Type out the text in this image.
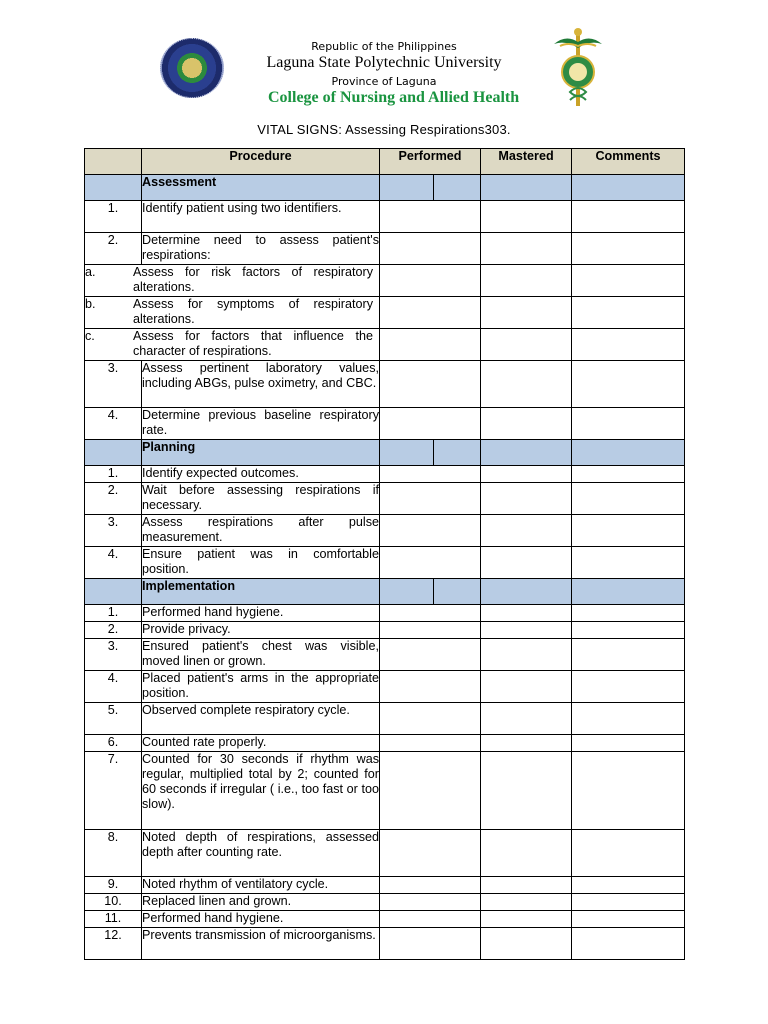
Republic of the Philippines
Laguna State Polytechnic University
Province of Laguna
College of Nursing and Allied Health
VITAL SIGNS: Assessing Respirations303.
	Procedure	Performed		Mastered	Comments
	Assessment				
1.	Identify patient using two identifiers.				
2.	Determine need to assess patient's respirations:				

a. Assess for risk factors of respiratory alterations.					

b. Assess for symptoms of respiratory alterations.					

c. Assess for factors that influence the character of respirations.					

3.	Assess pertinent laboratory values, including ABGs, pulse oximetry, and CBC.				
4.	Determine previous baseline respiratory rate.				
	Planning				
1.	Identify expected outcomes.				
2.	Wait before assessing respirations if necessary.				
3.	Assess respirations after pulse measurement.				
4.	Ensure patient was in comfortable position.				
	Implementation				
1.	Performed hand hygiene.				
2.	Provide privacy.				
3.	Ensured patient's chest was visible, moved linen or grown.				
4.	Placed patient's arms in the appropriate position.				
5.	Observed complete respiratory cycle.				
6.	Counted rate properly.				
7.	Counted for 30 seconds if rhythm was regular, multiplied total by 2; counted for 60 seconds if irregular ( i.e., too fast or too slow).				
8.	Noted depth of respirations, assessed depth after counting rate.				
9.	Noted rhythm of ventilatory cycle.				
10.	Replaced linen and grown.				
11.	Performed hand hygiene.				
12.	Prevents transmission of microorganisms.				
